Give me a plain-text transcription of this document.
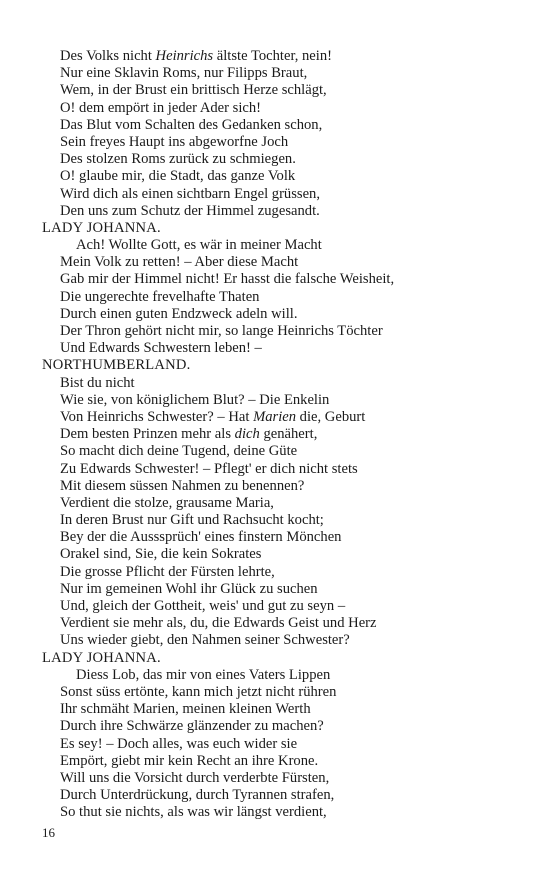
Des Volks nicht Heinrichs ältste Tochter, nein!
Nur eine Sklavin Roms, nur Filipps Braut,
Wem, in der Brust ein brittisch Herze schlägt,
O! dem empört in jeder Ader sich!
Das Blut vom Schalten des Gedanken schon,
Sein freyes Haupt ins abgeworfne Joch
Des stolzen Roms zurück zu schmiegen.
O! glaube mir, die Stadt, das ganze Volk
Wird dich als einen sichtbarn Engel grüssen,
Den uns zum Schutz der Himmel zugesandt.
LADY JOHANNA.
Ach! Wollte Gott, es wär in meiner Macht
Mein Volk zu retten! – Aber diese Macht
Gab mir der Himmel nicht! Er hasst die falsche Weisheit,
Die ungerechte frevelhafte Thaten
Durch einen guten Endzweck adeln will.
Der Thron gehört nicht mir, so lange Heinrichs Töchter
Und Edwards Schwestern leben! –
NORTHUMBERLAND.
Bist du nicht
Wie sie, von königlichem Blut? – Die Enkelin
Von Heinrichs Schwester? – Hat Marien die, Geburt
Dem besten Prinzen mehr als dich genähert,
So macht dich deine Tugend, deine Güte
Zu Edwards Schwester! – Pflegt' er dich nicht stets
Mit diesem süssen Nahmen zu benennen?
Verdient die stolze, grausame Maria,
In deren Brust nur Gift und Rachsucht kocht;
Bey der die Ausssprüch' eines finstern Mönchen
Orakel sind, Sie, die kein Sokrates
Die grosse Pflicht der Fürsten lehrte,
Nur im gemeinen Wohl ihr Glück zu suchen
Und, gleich der Gottheit, weis' und gut zu seyn –
Verdient sie mehr als, du, die Edwards Geist und Herz
Uns wieder giebt, den Nahmen seiner Schwester?
LADY JOHANNA.
Diess Lob, das mir von eines Vaters Lippen
Sonst süss ertönte, kann mich jetzt nicht rühren
Ihr schmäht Marien, meinen kleinen Werth
Durch ihre Schwärze glänzender zu machen?
Es sey! – Doch alles, was euch wider sie
Empört, giebt mir kein Recht an ihre Krone.
Will uns die Vorsicht durch verderbte Fürsten,
Durch Unterdrückung, durch Tyrannen strafen,
So thut sie nichts, als was wir längst verdient,
16
